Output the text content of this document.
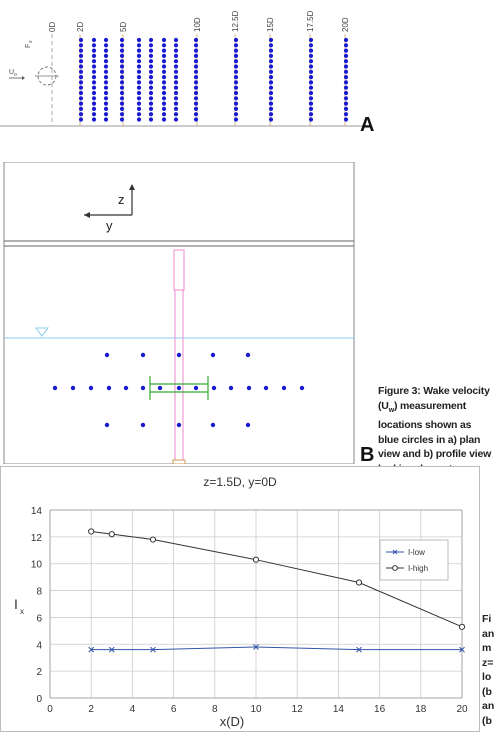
0D 2D	5D	10D	12.5D	15D	17.5D	20D
U o
F
x
A
z
y
B
Figure 3: Wake velocity
$(U_w)$ measurement
locations shown as
blue circles in a) plan
view and b) profile view
z=1.5D, y=0D
0
2
4
6
8
10
12
14
0	2	4	6	8	10	12	14	16	18	20
I-low
I-high
x(D)
I x
Fi
an
m
z=
lo
(b
an
(b
